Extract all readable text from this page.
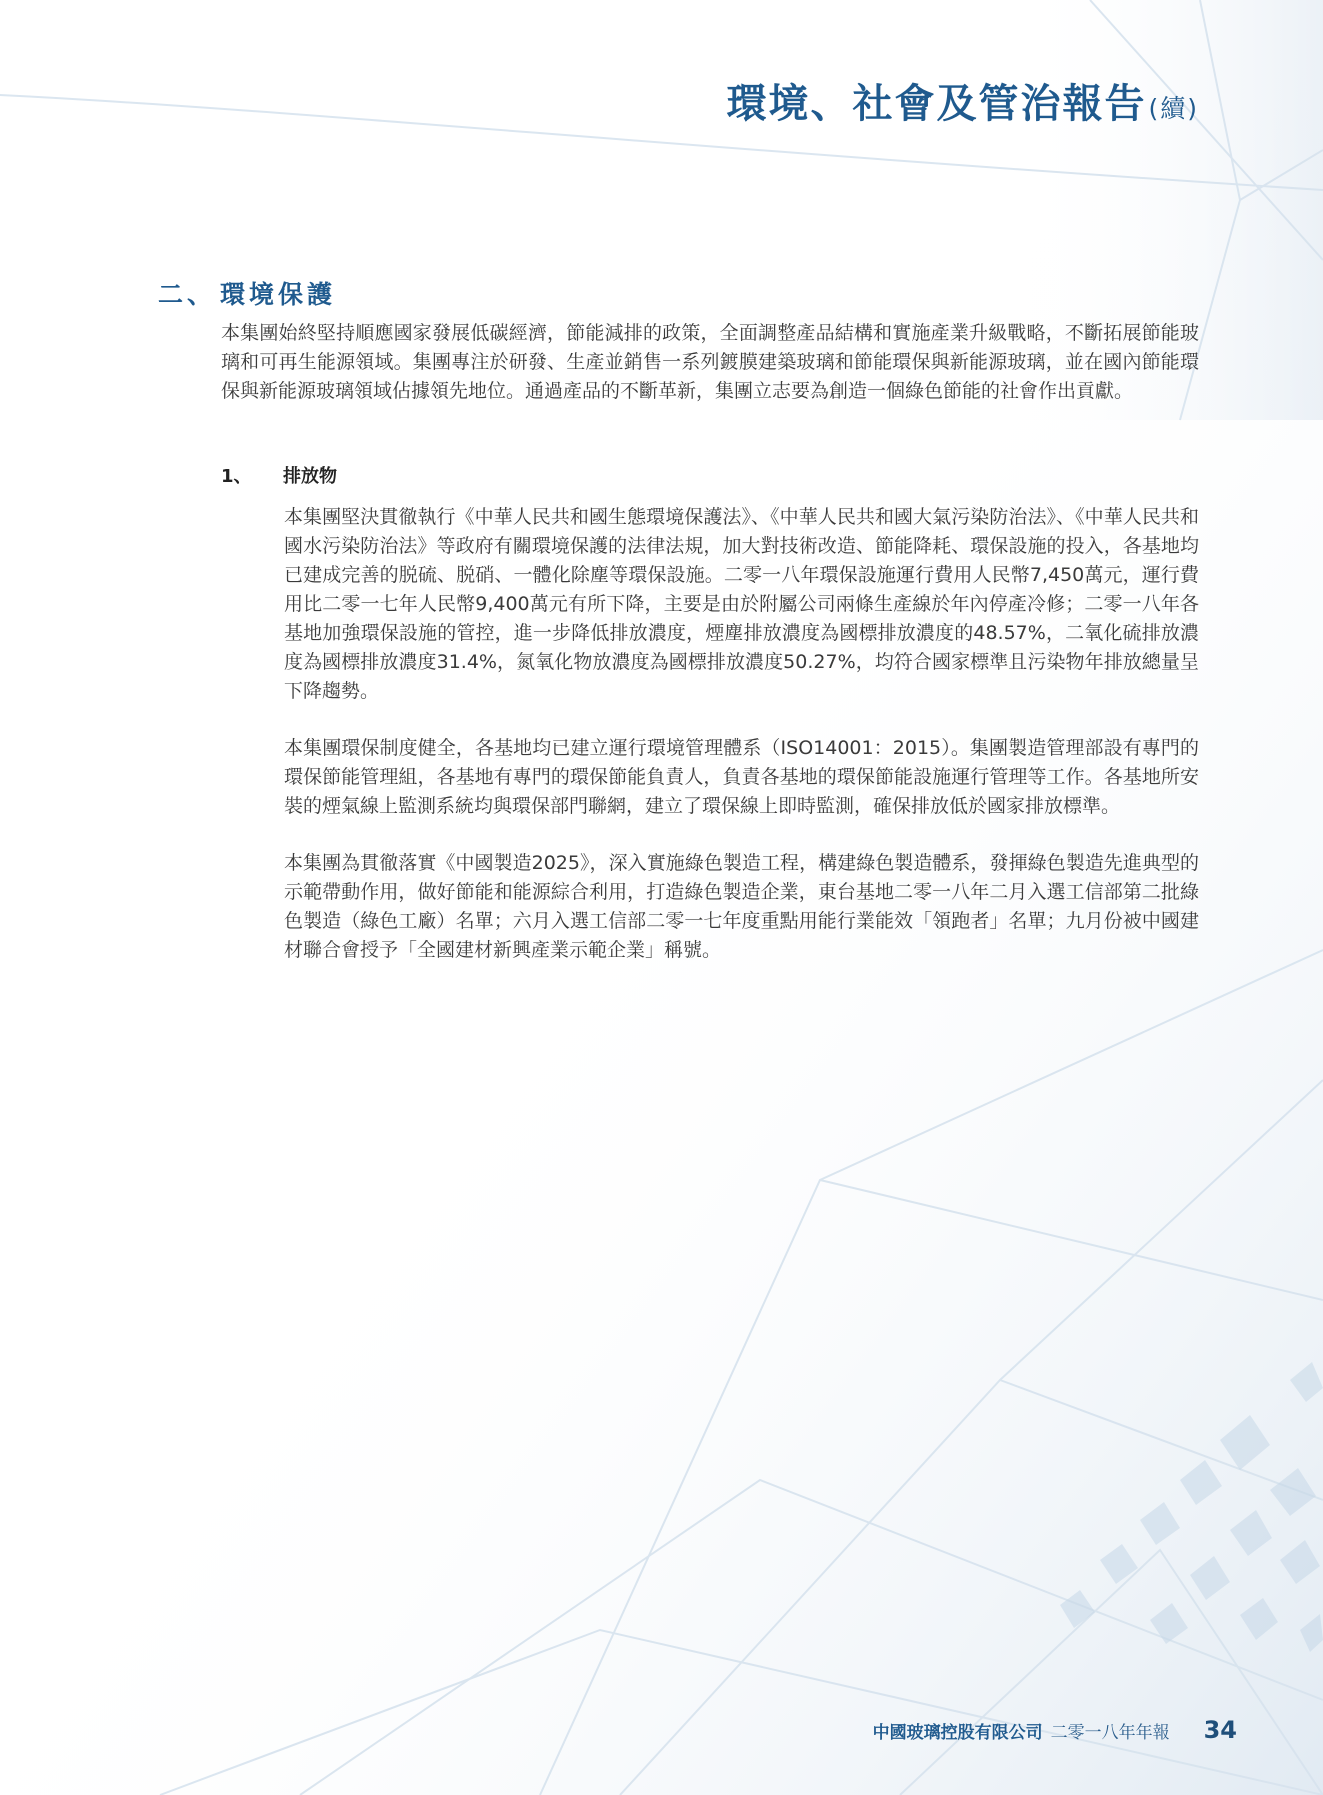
環境、社會及管治報告(續)
二、 環境保護

本集團始終堅持順應國家發展低碳經濟，節能減排的政策，全面調整產品結構和實施產業升級戰略，不斷拓展節能玻璃和可再生能源領域。集團專注於研發、生產並銷售一系列鍍膜建築玻璃和節能環保與新能源玻璃，並在國內節能環保與新能源玻璃領域佔據領先地位。通過產品的不斷革新，集團立志要為創造一個綠色節能的社會作出貢獻。

1、 排放物

本集團堅決貫徹執行《中華人民共和國生態環境保護法》、《中華人民共和國大氣污染防治法》、《中華人民共和國水污染防治法》等政府有關環境保護的法律法規，加大對技術改造、節能降耗、環保設施的投入，各基地均已建成完善的脱硫、脱硝、一體化除塵等環保設施。二零一八年環保設施運行費用人民幣7,450萬元，運行費用比二零一七年人民幣9,400萬元有所下降，主要是由於附屬公司兩條生產線於年內停產冷修；二零一八年各基地加強環保設施的管控，進一步降低排放濃度，煙塵排放濃度為國標排放濃度的48.57%，二氧化硫排放濃度為國標排放濃度31.4%，氮氧化物放濃度為國標排放濃度50.27%，均符合國家標準且污染物年排放總量呈下降趨勢。

本集團環保制度健全，各基地均已建立運行環境管理體系（ISO14001：2015）。集團製造管理部設有專門的環保節能管理組，各基地有專門的環保節能負責人，負責各基地的環保節能設施運行管理等工作。各基地所安裝的煙氣線上監測系統均與環保部門聯網，建立了環保線上即時監測，確保排放低於國家排放標準。

本集團為貫徹落實《中國製造2025》，深入實施綠色製造工程，構建綠色製造體系，發揮綠色製造先進典型的示範帶動作用，做好節能和能源綜合利用，打造綠色製造企業，東台基地二零一八年二月入選工信部第二批綠色製造（綠色工廠）名單；六月入選工信部二零一七年度重點用能行業能效「領跑者」名單；九月份被中國建材聯合會授予「全國建材新興產業示範企業」稱號。

中國玻璃控股有限公司 二零一八年年報 34
